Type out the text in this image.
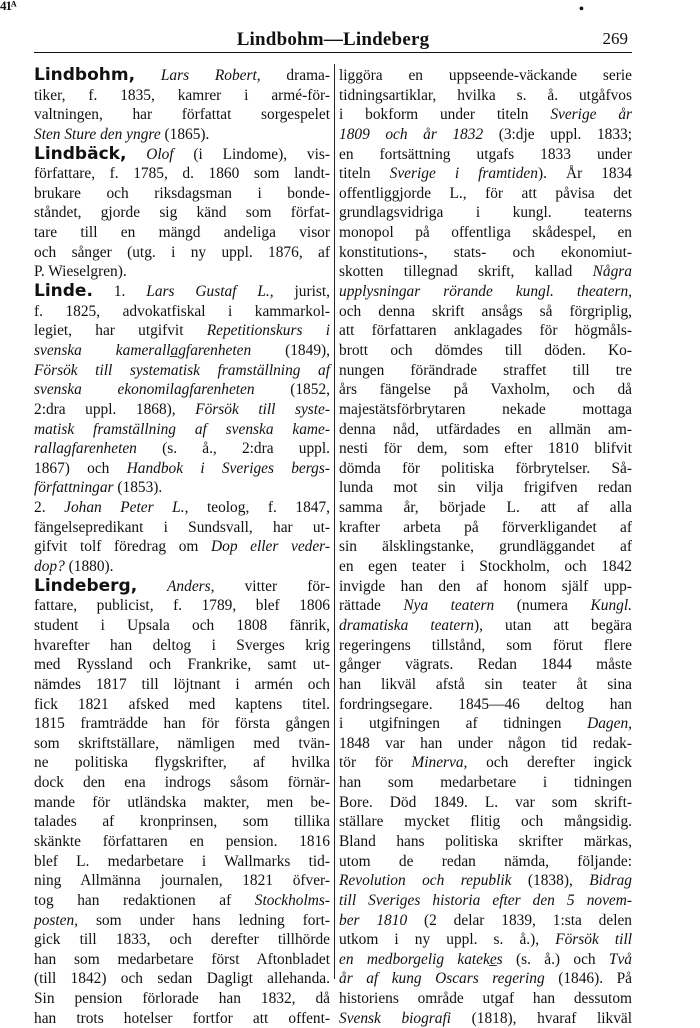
41ᴬ	•
Lindbohm—Lindeberg	269
Lindbohm, Lars Robert, drama-
tiker, f. 1835, kamrer i armé-för-
valtningen, har författat sorgespelet
Sten Sture den yngre (1865).
Lindbäck, Olof (i Lindome), vis-
författare, f. 1785, d. 1860 som landt-
brukare och riksdagsman i bonde-
ståndet, gjorde sig känd som förfat-
tare till en mängd andeliga visor
och sånger (utg. i ny uppl. 1876, af
P. Wieselgren).
Linde. 1. Lars Gustaf L., jurist,
f. 1825, advokatfiskal i kammarkol-
legiet, har utgifvit Repetitionskurs i
svenska kameralla̲gfarenheten (1849),
Försök till systematisk framställning af
svenska ekonomilagfarenheten (1852,
2:dra uppl. 1868), Försök till syste-
matisk framställning af svenska kame-
rallagfarenheten (s. å., 2:dra uppl.
1867) och Handbok i Sveriges bergs-
författningar (1853).
2. Johan Peter L., teolog, f. 1847,
fängelsepredikant i Sundsvall, har ut-
gifvit tolf föredrag om Dop eller veder-
dop? (1880).
Lindeberg, Anders, vitter för-
fattare, publicist, f. 1789, blef 1806
student i Upsala och 1808 fänrik,
hvarefter han deltog i Sverges krig
med Ryssland och Frankrike, samt ut-
nämdes 1817 till löjtnant i armén och
fick 1821 afsked med kaptens titel.
1815 framträdde han för första gången
som skriftställare, nämligen med tvän-
ne politiska flygskrifter, af hvilka
dock den ena indrogs såsom förnär-
mande för utländska makter, men be-
talades af kronprinsen, som tillika
skänkte författaren en pension. 1816
blef L. medarbetare i Wallmarks tid-
ning Allmänna journalen, 1821 öfver-
tog han redaktionen af Stockholms-
posten, som under hans ledning fort-
gick till 1833, och derefter tillhörde
han som medarbetare först Aftonbladet
(till 1842) och sedan Dagligt allehanda.
Sin pension förlorade han 1832, då
han trots hotelser fortfor att offent-
liggöra en uppseende-väckande serie
tidningsartiklar, hvilka s. å. utgåfvos
i bokform under titeln Sverige år
1809 och år 1832 (3:dje uppl. 1833;
en fortsättning utgafs 1833 under
titeln Sverige i framtiden). År 1834
offentliggjorde L., för att påvisa det
grundlagsvidriga i kungl. teaterns
monopol på offentliga skådespel, en
konstitutions-, stats- och ekonomiut-
skotten tillegnad skrift, kallad Några
upplysningar rörande kungl. theatern,
och denna skrift ansågs så förgriplig,
att författaren anklagades för högmåls-
brott och dömdes till döden. Ko-
nungen förändrade straffet till tre
års fängelse på Vaxholm, och då
majestätsförbrytaren nekade mottaga
denna nåd, utfärdades en allmän am-
nesti för dem, som efter 1810 blifvit
dömda för politiska förbrytelser. Så-
lunda mot sin vilja frigifven redan
samma år, började L. att af alla
krafter arbeta på förverkligandet af
sin älsklingstanke, grundläggandet af
en egen teater i Stockholm, och 1842
invigde han den af honom själf upp-
rättade Nya teatern (numera Kungl.
dramatiska teatern), utan att begära
regeringens tillstånd, som förut flere
gånger vägrats. Redan 1844 måste
han likväl afstå sin teater åt sina
fordringsegare. 1845—46 deltog han
i utgifningen af tidningen Dagen,
1848 var han under någon tid redak-
tör för Minerva, och derefter ingick
han som medarbetare i tidningen
Bore. Död 1849. L. var som skrift-
ställare mycket flitig och mångsidig.
Bland hans politiska skrifter märkas,
utom de redan nämda, följande:
Revolution och republik (1838), Bidrag
till Sveriges historia efter den 5 novem-
ber 1810 (2 delar 1839, 1:sta delen
utkom i ny uppl. s. å.), Försök till
en medborgelig kateke̲s (s. å.) och Två
år af kung Oscars regering (1846). På
historiens område utgaf han dessutom
Svensk biografi (1818), hvaraf likväl
